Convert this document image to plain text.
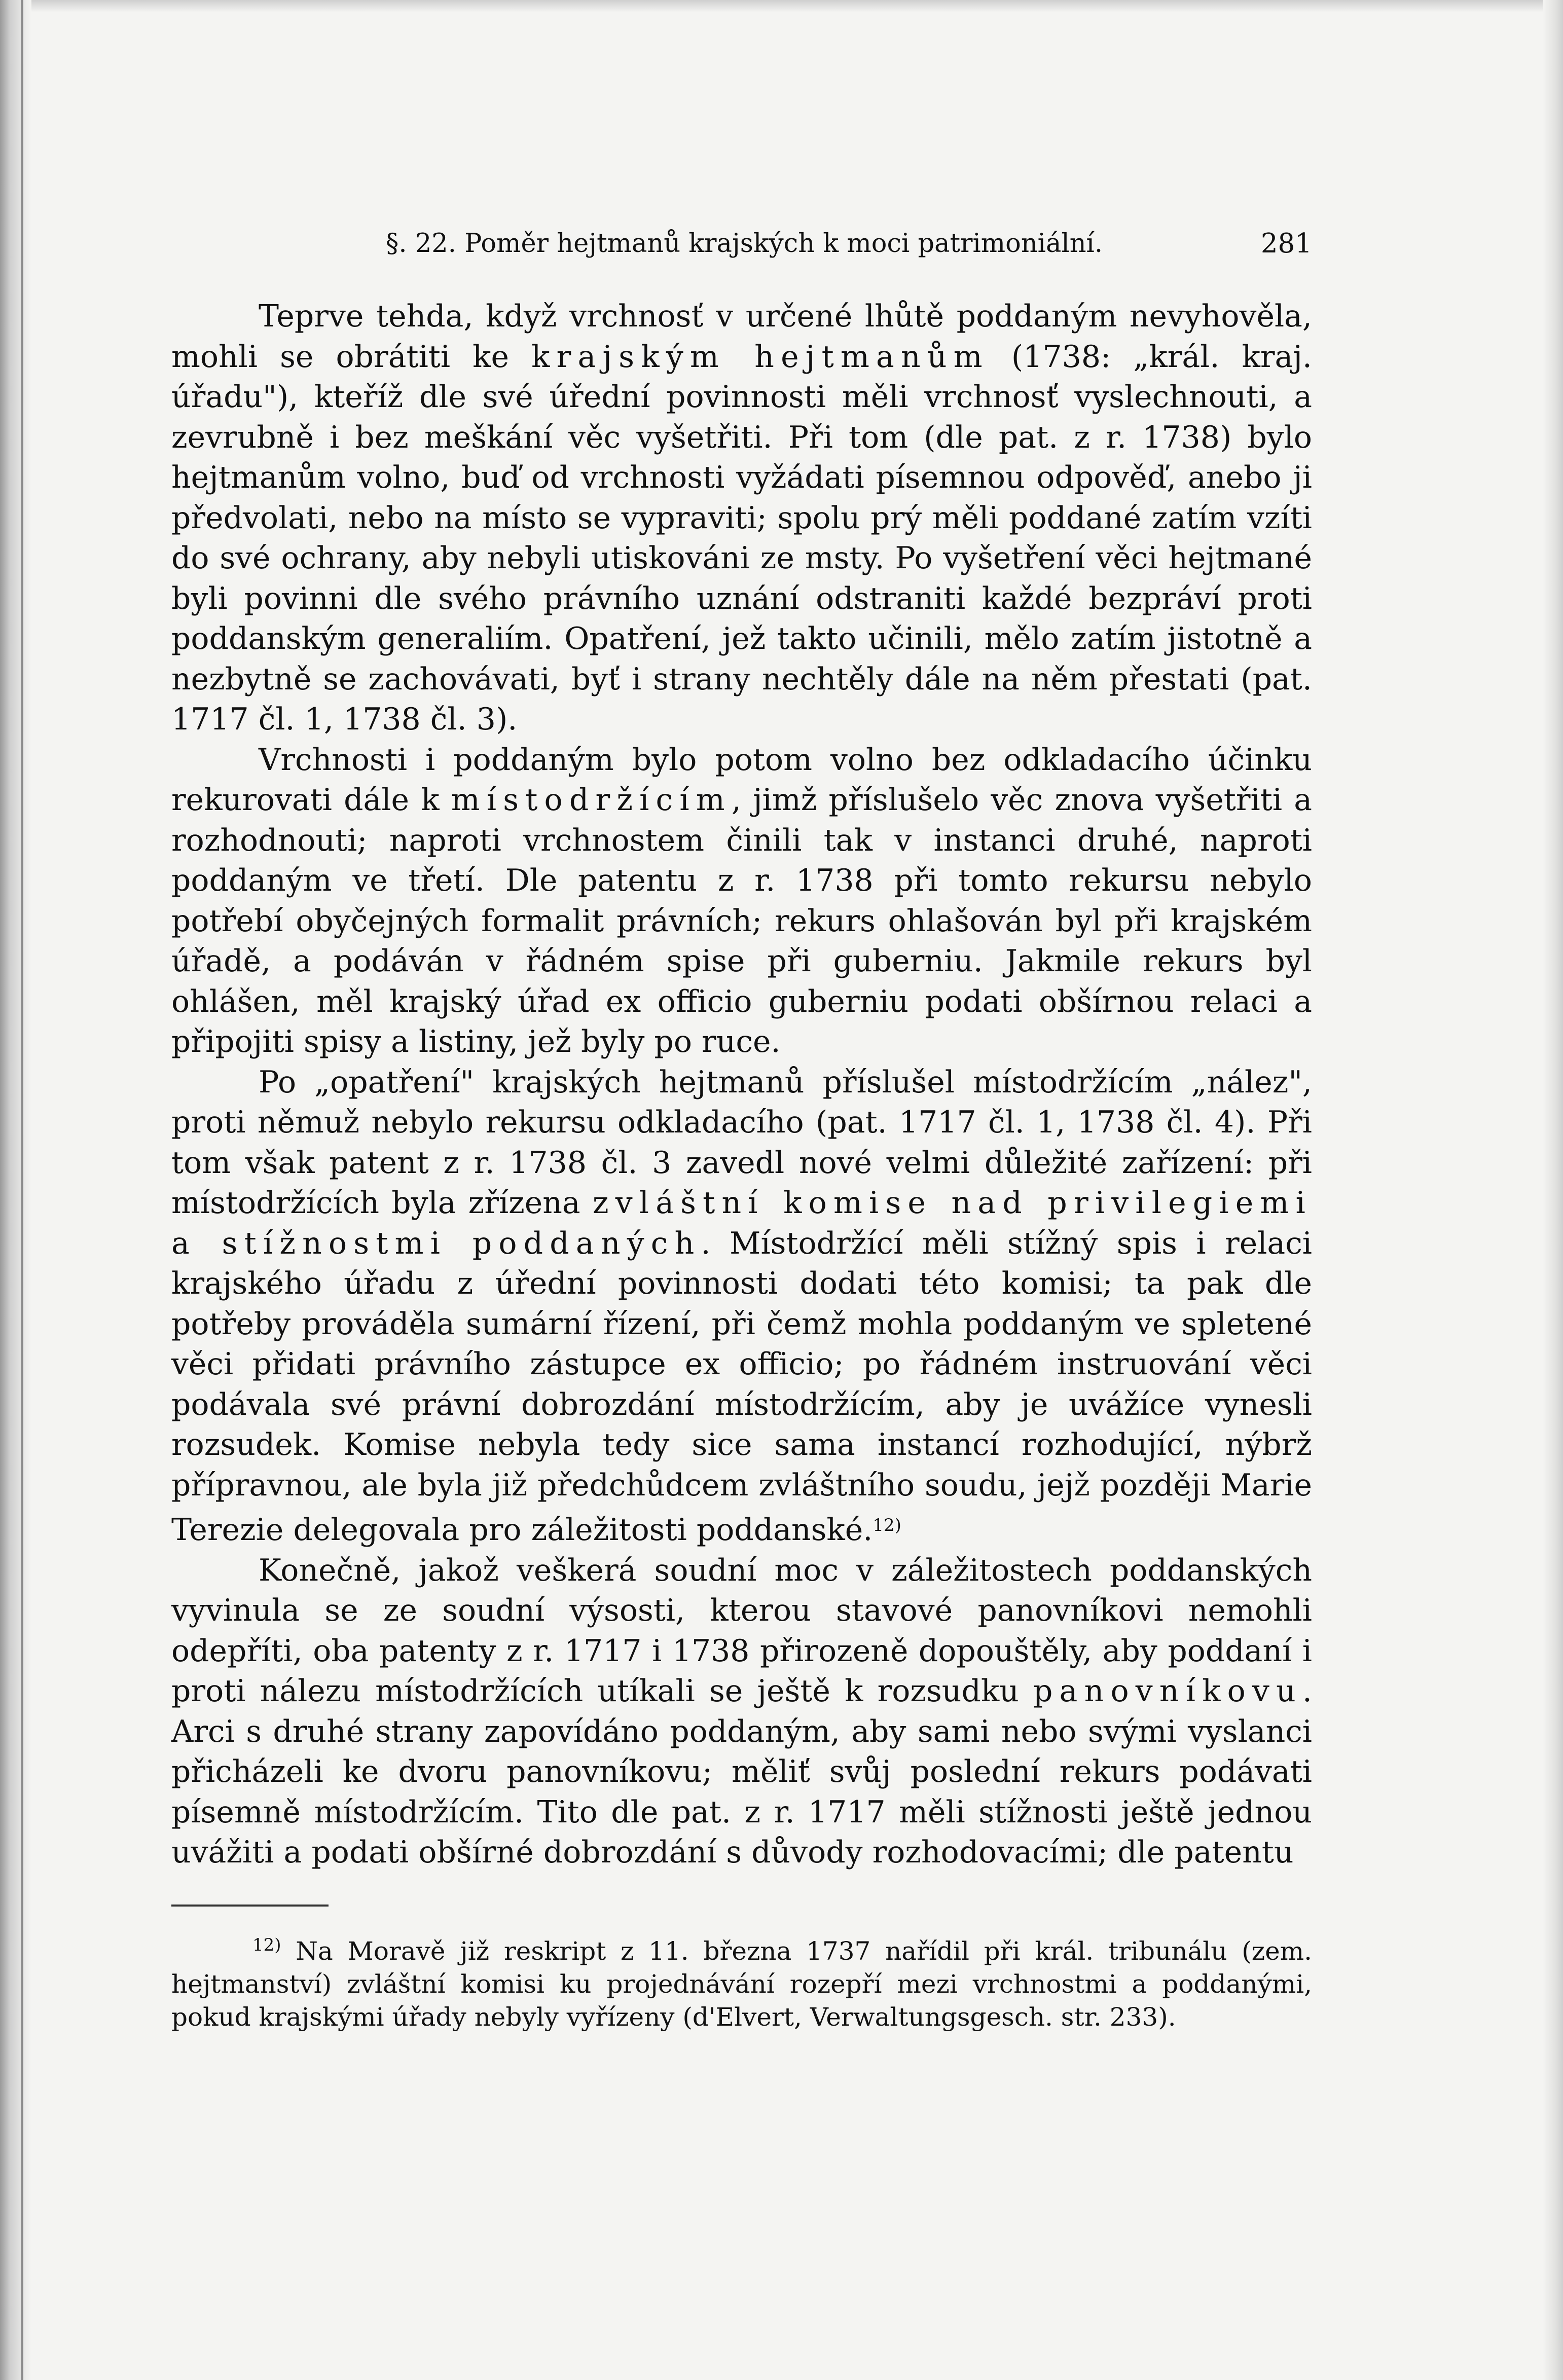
§. 22. Poměr hejtmanů krajských k moci patrimoniální.	281

Teprve tehda, když vrchnosť v určené lhůtě poddaným nevyhověla, mohli se obrátiti ke krajským hejtmanům (1738: „král. kraj. úřadu"), kteříž dle své úřední povinnosti měli vrchnosť vyslechnouti, a zevrubně i bez meškání věc vyšetřiti. Při tom (dle pat. z r. 1738) bylo hejtmanům volno, buď od vrchnosti vyžádati písemnou odpověď, anebo ji předvolati, nebo na místo se vypraviti; spolu prý měli poddané zatím vzíti do své ochrany, aby nebyli utiskováni ze msty. Po vyšetření věci hejtmané byli povinni dle svého právního uznání odstraniti každé bezpráví proti poddanským generaliím. Opatření, jež takto učinili, mělo zatím jistotně a nezbytně se zachovávati, byť i strany nechtěly dále na něm přestati (pat. 1717 čl. 1, 1738 čl. 3).

Vrchnosti i poddaným bylo potom volno bez odkladacího účinku rekurovati dále k místodržícím, jimž příslušelo věc znova vyšetřiti a rozhodnouti; naproti vrchnostem činili tak v instanci druhé, naproti poddaným ve třetí. Dle patentu z r. 1738 při tomto rekursu nebylo potřebí obyčejných formalit právních; rekurs ohlašován byl při krajském úřadě, a podáván v řádném spise při guberniu. Jakmile rekurs byl ohlášen, měl krajský úřad ex officio guberniu podati obšírnou relaci a připojiti spisy a listiny, jež byly po ruce.

Po „opatření" krajských hejtmanů příslušel místodržícím „nález", proti němuž nebylo rekursu odkladacího (pat. 1717 čl. 1, 1738 čl. 4). Při tom však patent z r. 1738 čl. 3 zavedl nové velmi důležité zařízení: při místodržících byla zřízena zvláštní komise nad privilegiemi a stížnostmi poddaných. Místodržící měli stížný spis i relaci krajského úřadu z úřední povinnosti dodati této komisi; ta pak dle potřeby prováděla sumární řízení, při čemž mohla poddaným ve spletené věci přidati právního zástupce ex officio; po řádném instruování věci podávala své právní dobrozdání místodržícím, aby je uvážíce vynesli rozsudek. Komise nebyla tedy sice sama instancí rozhodující, nýbrž přípravnou, ale byla již předchůdcem zvláštního soudu, jejž později Marie Terezie delegovala pro záležitosti poddanské.$^{12)}$

Konečně, jakož veškerá soudní moc v záležitostech poddanských vyvinula se ze soudní výsosti, kterou stavové panovníkovi nemohli odepříti, oba patenty z r. 1717 i 1738 přirozeně dopouštěly, aby poddaní i proti nálezu místodržících utíkali se ještě k rozsudku panovníkovu. Arci s druhé strany zapovídáno poddaným, aby sami nebo svými vyslanci přicházeli ke dvoru panovníkovu; měliť svůj poslední rekurs podávati písemně místodržícím. Tito dle pat. z r. 1717 měli stížnosti ještě jednou uvážiti a podati obšírné dobrozdání s důvody rozhodovacími; dle patentu

$^{12)}$ Na Moravě již reskript z 11. března 1737 nařídil při král. tribunálu (zem. hejtmanství) zvláštní komisi ku projednávání rozepří mezi vrchnostmi a poddanými, pokud krajskými úřady nebyly vyřízeny (d'Elvert, Verwaltungsgesch. str. 233).
